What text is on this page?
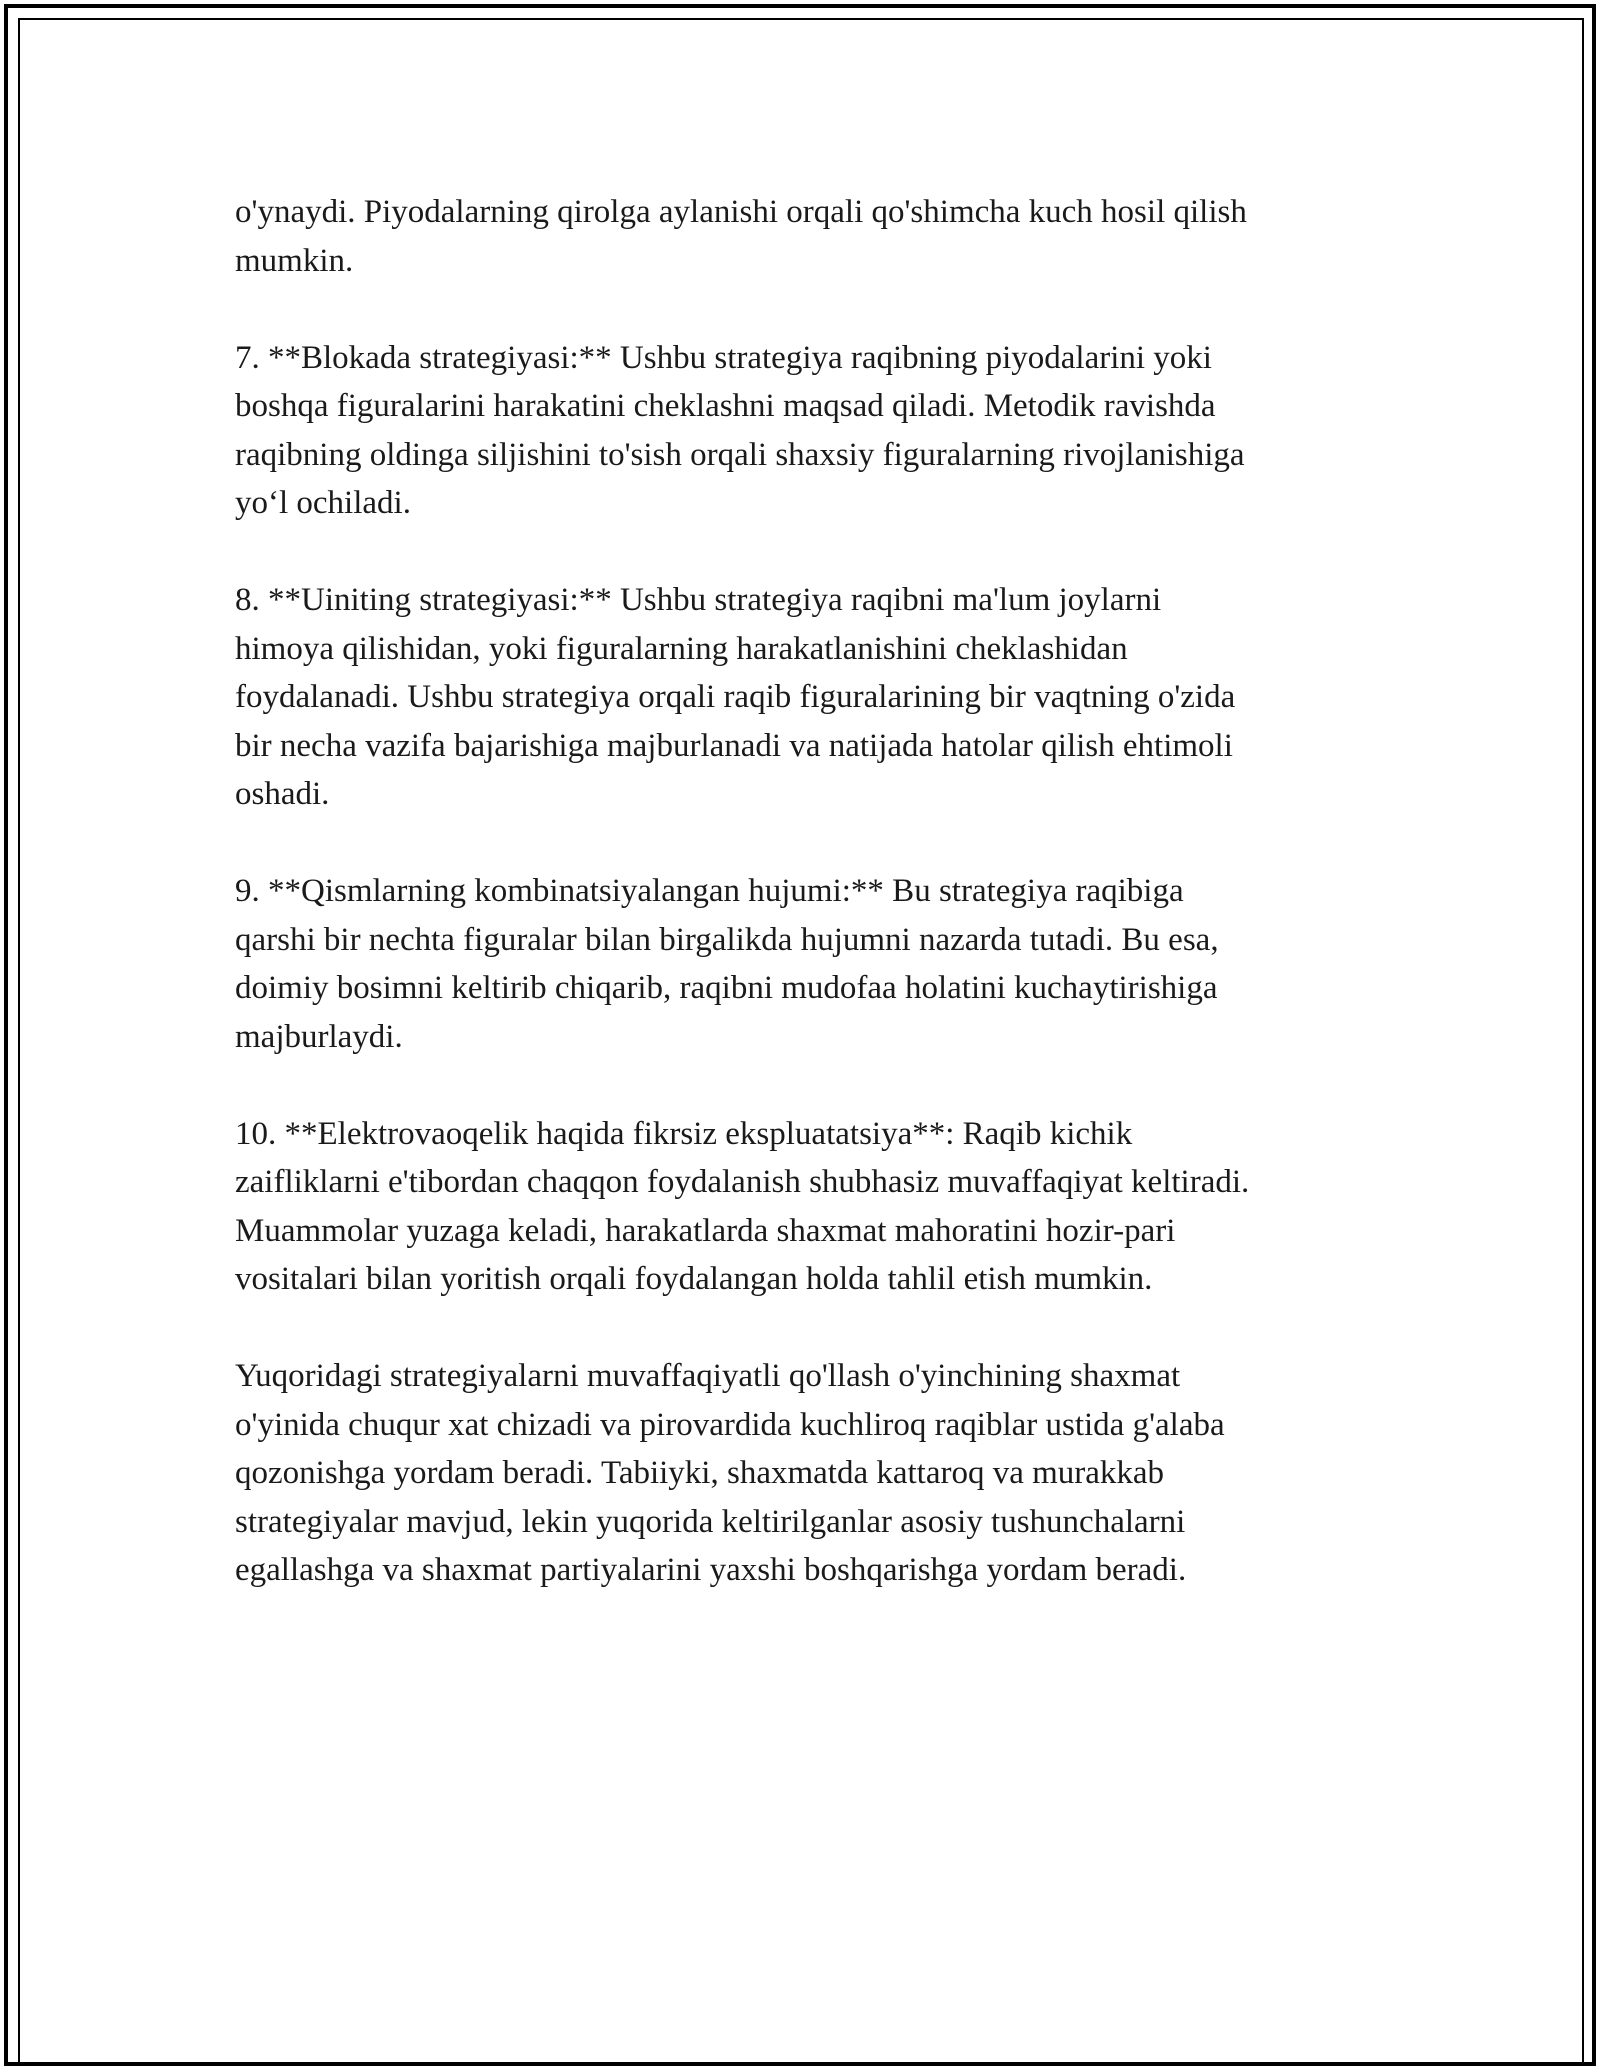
o'ynaydi. Piyodalarning qirolga aylanishi orqali qo'shimcha kuch hosil qilish
mumkin.

7. **Blokada strategiyasi:** Ushbu strategiya raqibning piyodalarini yoki
boshqa figuralarini harakatini cheklashni maqsad qiladi. Metodik ravishda
raqibning oldinga siljishini to'sish orqali shaxsiy figuralarning rivojlanishiga
yo‘l ochiladi.

8. **Uiniting strategiyasi:** Ushbu strategiya raqibni ma'lum joylarni
himoya qilishidan, yoki figuralarning harakatlanishini cheklashidan
foydalanadi. Ushbu strategiya orqali raqib figuralarining bir vaqtning o'zida
bir necha vazifa bajarishiga majburlanadi va natijada hatolar qilish ehtimoli
oshadi.

9. **Qismlarning kombinatsiyalangan hujumi:** Bu strategiya raqibiga
qarshi bir nechta figuralar bilan birgalikda hujumni nazarda tutadi. Bu esa,
doimiy bosimni keltirib chiqarib, raqibni mudofaa holatini kuchaytirishiga
majburlaydi.

10. **Elektrovaoqelik haqida fikrsiz ekspluatatsiya**: Raqib kichik
zaifliklarni e'tibordan chaqqon foydalanish shubhasiz muvaffaqiyat keltiradi.
Muammolar yuzaga keladi, harakatlarda shaxmat mahoratini hozir-pari
vositalari bilan yoritish orqali foydalangan holda tahlil etish mumkin.

Yuqoridagi strategiyalarni muvaffaqiyatli qo'llash o'yinchining shaxmat
o'yinida chuqur xat chizadi va pirovardida kuchliroq raqiblar ustida g'alaba
qozonishga yordam beradi. Tabiiyki, shaxmatda kattaroq va murakkab
strategiyalar mavjud, lekin yuqorida keltirilganlar asosiy tushunchalarni
egallashga va shaxmat partiyalarini yaxshi boshqarishga yordam beradi.
